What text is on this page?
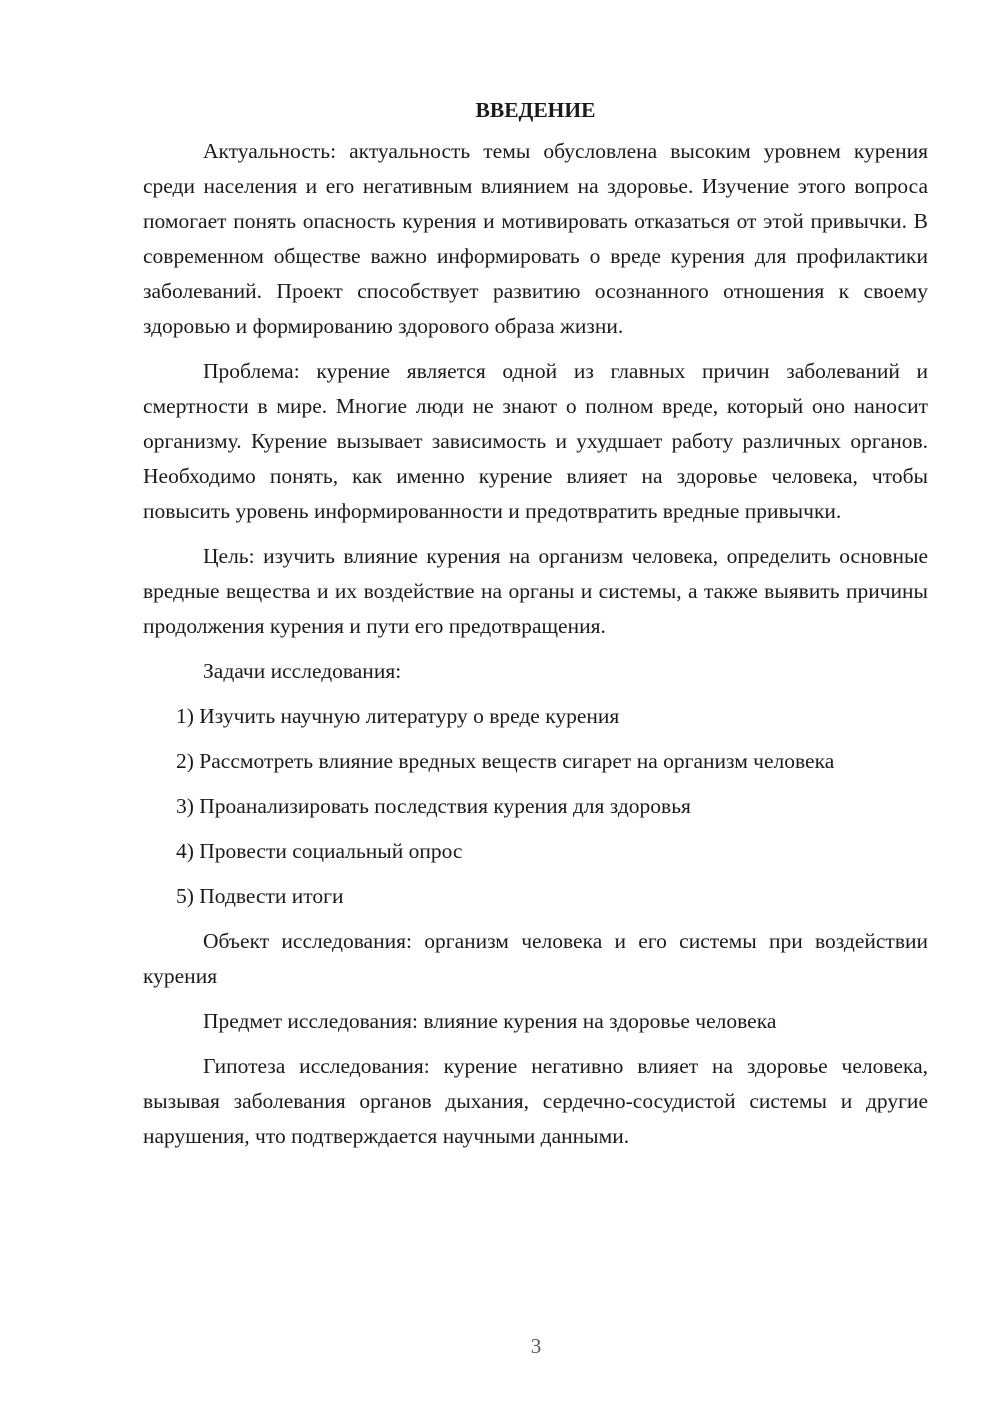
ВВЕДЕНИЕ

Актуальность: актуальность темы обусловлена высоким уровнем курения среди населения и его негативным влиянием на здоровье. Изучение этого вопроса помогает понять опасность курения и мотивировать отказаться от этой привычки. В современном обществе важно информировать о вреде курения для профилактики заболеваний. Проект способствует развитию осознанного отношения к своему здоровью и формированию здорового образа жизни.

Проблема: курение является одной из главных причин заболеваний и смертности в мире. Многие люди не знают о полном вреде, который оно наносит организму. Курение вызывает зависимость и ухудшает работу различных органов. Необходимо понять, как именно курение влияет на здоровье человека, чтобы повысить уровень информированности и предотвратить вредные привычки.

Цель: изучить влияние курения на организм человека, определить основные вредные вещества и их воздействие на органы и системы, а также выявить причины продолжения курения и пути его предотвращения.

Задачи исследования:

1) Изучить научную литературу о вреде курения

2) Рассмотреть влияние вредных веществ сигарет на организм человека

3) Проанализировать последствия курения для здоровья

4) Провести социальный опрос

5) Подвести итоги

Объект исследования: организм человека и его системы при воздействии курения

Предмет исследования: влияние курения на здоровье человека

Гипотеза исследования: курение негативно влияет на здоровье человека, вызывая заболевания органов дыхания, сердечно-сосудистой системы и другие нарушения, что подтверждается научными данными.

3
